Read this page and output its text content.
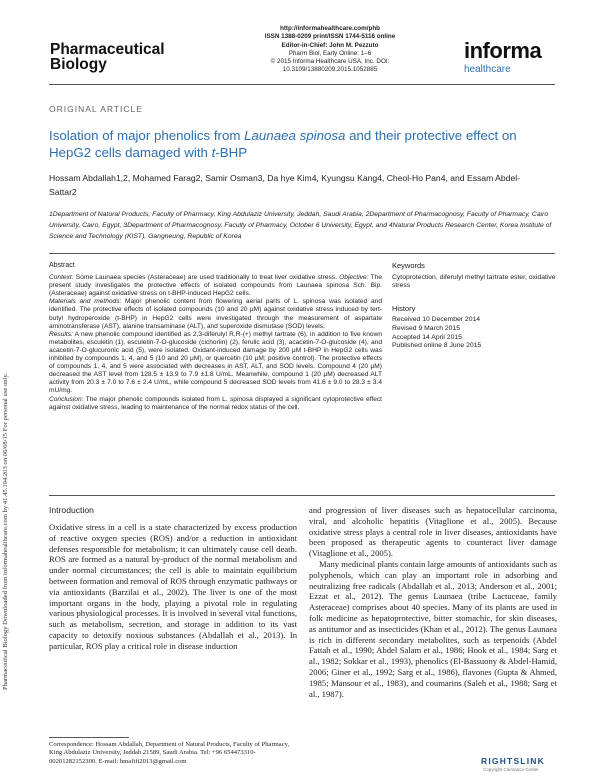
Pharmaceutical Biology Downloaded from informahealthcare.com by 41.45.194.203 on 06/08/15 For personal use only.
Pharmaceutical
Biology
http://informahealthcare.com/phb
ISSN 1388-0209 print/ISSN 1744-5116 online
Editor-in-Chief: John M. Pezzuto
Pharm Biol, Early Online: 1–6
© 2015 Informa Healthcare USA, Inc. DOI: 10.3109/13880209.2015.1052885
informa
healthcare
ORIGINAL ARTICLE
Isolation of major phenolics from Launaea spinosa and their protective effect on HepG2 cells damaged with t-BHP
Hossam Abdallah1,2, Mohamed Farag2, Samir Osman3, Da hye Kim4, Kyungsu Kang4, Cheol-Ho Pan4, and Essam Abdel-Sattar2
1Department of Natural Products, Faculty of Pharmacy, King Abdulaziz University, Jeddah, Saudi Arabia, 2Department of Pharmacognosy, Faculty of Pharmacy, Cairo University, Cairo, Egypt, 3Department of Pharmacognosy, Faculty of Pharmacy, October 6 University, Egypt, and 4Natural Products Research Center, Korea Institute of Science and Technology (KIST), Gangneung, Republic of Korea
Abstract

Context: Some Launaea species (Asteraceae) are used traditionally to treat liver oxidative stress. Objective: The present study investigates the protective effects of isolated compounds from Launaea spinosa Sch. Bip. (Asteraceae) against oxidative stress on t-BHP-induced HepG2 cells.
Materials and methods: Major phenolic content from flowering aerial parts of L. spinosa was isolated and identified. The protective effects of isolated compounds (10 and 20 μM) against oxidative stress induced by tert-butyl hydroperoxide (t-BHP) in HepG2 cells were investigated through the measurement of aspartate aminotransferase (AST), alanine transaminase (ALT), and superoxide dismutase (SOD) levels.
Results: A new phenolic compound identified as 2,3-diferulyl R,R-(+) methyl tartrate (6), in addition to five known metabolites, esculetin (1), esculetin-7-O-glucoside (cichoriin) (2), ferulic acid (3), acacetin-7-O-glucoside (4), and acacetin-7-O-glucuronic acid (5), were isolated. Oxidant-induced damage by 200 μM t-BHP in HepG2 cells was inhibited by compounds 1, 4, and 5 (10 and 20 μM), or quercetin (10 μM; positive control). The protective effects of compounds 1, 4, and 5 were associated with decreases in AST, ALT, and SOD levels. Compound 4 (20 μM) decreased the AST level from 128.5 ± 13.9 to 7.9 ±1.8 U/mL. Meanwhile, compound 1 (20 μM) decreased ALT activity from 20.3 ± 7.0 to 7.6 ± 2.4 U/mL, while compound 5 decreased SOD levels from 41.6 ± 9.0 to 28.3 ± 3.4 mU/mg.
Conclusion: The major phenolic compounds isolated from L. spinosa displayed a significant cytoprotective effect against oxidative stress, leading to maintenance of the normal redox status of the cell.

Keywords
Cytoprotection, diferulyl methyl tartrate ester, oxidative stress
History
Received 10 December 2014
Revised 9 March 2015
Accepted 14 April 2015
Published online 8 June 2015
Introduction

Oxidative stress in a cell is a state characterized by excess production of reactive oxygen species (ROS) and/or a reduction in antioxidant defenses responsible for metabolism; it can ultimately cause cell death. ROS are formed as a natural by-product of the normal metabolism and under normal circumstances; the cell is able to maintain equilibrium between formation and removal of ROS through enzymatic pathways or via antioxidants (Barzilai et al., 2002). The liver is one of the most important organs in the body, playing a pivotal role in regulating various physiological processes. It is involved in several vital functions, such as metabolism, secretion, and storage in addition to its vast capacity to detoxify noxious substances (Abdallah et al., 2013). In particular, ROS play a critical role in disease induction

and progression of liver diseases such as hepatocellular carcinoma, viral, and alcoholic hepatitis (Vitaglione et al., 2005). Because oxidative stress plays a central role in liver diseases, antioxidants have been proposed as therapeutic agents to counteract liver damage (Vitaglione et al., 2005).

Many medicinal plants contain large amounts of antioxidants such as polyphenols, which can play an important role in adsorbing and neutralizing free radicals (Abdallah et al., 2013; Anderson et al., 2001; Ezzat et al., 2012). The genus Launaea (tribe Lactuceae, family Asteraceae) comprises about 40 species. Many of its plants are used in folk medicine as hepatoprotective, bitter stomachic, for skin diseases, as antitumor and as insecticides (Khan et al., 2012). The genus Launaea is rich in different secondary metabolites, such as terpenoids (Abdel Fattah et al., 1990; Abdel Salam et al., 1986; Hook et al., 1984; Sarg et al., 1982; Sokkar et al., 1993), phenolics (El-Bassuony & Abdel-Hamid, 2006; Giner et al., 1992; Sarg et al., 1986), flavones (Gupta & Ahmed, 1985; Mansour et al., 1983), and coumarins (Saleh et al., 1988; Sarg et al., 1987).

Correspondence: Hossam Abdallah, Department of Natural Products, Faculty of Pharmacy, King Abdulaziz University, Jeddah 21589, Saudi Arabia. Tel: +96 654473310-00201282152300. E-mail: hmafifi2013@gmail.com	RIGHTSLINK
Copyright Clearance Center
